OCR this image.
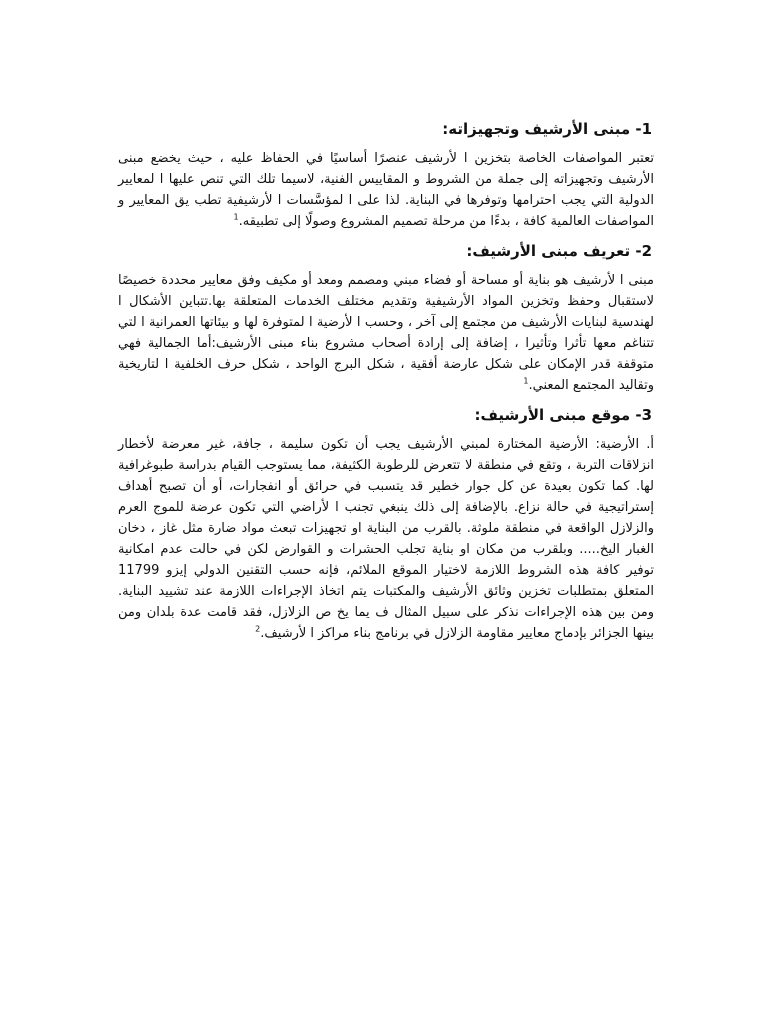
1- مبنى الأرشيف وتجهيزاته:

تعتبر المواصفات الخاصة بتخزين ا لأرشيف عنصرًا أساسيًا في الحفاظ عليه ، حيث يخضع مبنى الأرشيف وتجهيزاته إلى جملة من الشروط و المقاييس الفنية، لاسيما تلك التي تنص عليها ا لمعايير الدولية التي يجب احترامها وتوفرها في البناية. لذا على ا لمؤسَّسات ا لأرشيفية تطب يق المعايير و المواصفات العالمية كافة ، بدءًا من مرحلة تصميم المشروع وصولًا إلى تطبيقه.$^1$

2- تعريف مبنى الأرشيف:

مبنى ا لأرشيف هو بناية أو مساحة أو فضاء مبني ومصمم ومعد أو مكيف وفق معايير محددة خصيصًا لاستقبال وحفظ وتخزين المواد الأرشيفية وتقديم مختلف الخدمات المتعلقة بها.تتباين الأشكال ا لهندسية لبنايات الأرشيف من مجتمع إلى آخر ، وحسب ا لأرضية ا لمتوفرة لها و بيئاتها العمرانية ا لتي تتناغم معها تأثرا وتأثيرا ، إضافة إلى إرادة أصحاب مشروع بناء مبنى الأرشيف:أما الجمالية فهي متوقفة قدر الإمكان على شكل عارضة أفقية ، شكل البرج الواحد ، شكل حرف الخلفية ا لتاريخية وتقاليد المجتمع المعني.$^1$

3- موقع مبنى الأرشيف:

أ. الأرضية: الأرضية المختارة لمبني الأرشيف يجب أن تكون سليمة ، جافة، غير معرضة لأخطار انزلاقات التربة ، وتقع في منطقة لا تتعرض للرطوبة الكثيفة، مما يستوجب القيام بدراسة طبوغرافية لها. كما تكون بعيدة عن كل جوار خطير قد يتسبب في حرائق أو انفجارات، أو أن تصبح أهداف إستراتيجية في حالة نزاع. بالإضافة إلى ذلك ينبغي تجنب ا لأراضي التي تكون عرضة للموج العرم والزلازل الواقعة في منطقة ملوثة. بالقرب من البناية او تجهيزات تبعث مواد ضارة مثل غاز ، دخان الغبار اليخ..... وبلقرب من مكان او بناية تجلب الحشرات و القوارض لكن في حالت عدم امكانية توفير كافة هذه الشروط اللازمة لاختيار الموقع الملائم، فإنه حسب التقنين الدولي إيزو 11799 المتعلق بمتطلبات تخزين وثائق الأرشيف والمكتبات يتم اتخاذ الإجراءات اللازمة عند تشييد البناية. ومن بين هذه الإجراءات نذكر على سبيل المثال ف يما يخ ص الزلازل، فقد قامت عدة بلدان ومن بينها الجزائر بإدماج معايير مقاومة الزلازل في برنامج بناء مراكز ا لأرشيف.$^2$
